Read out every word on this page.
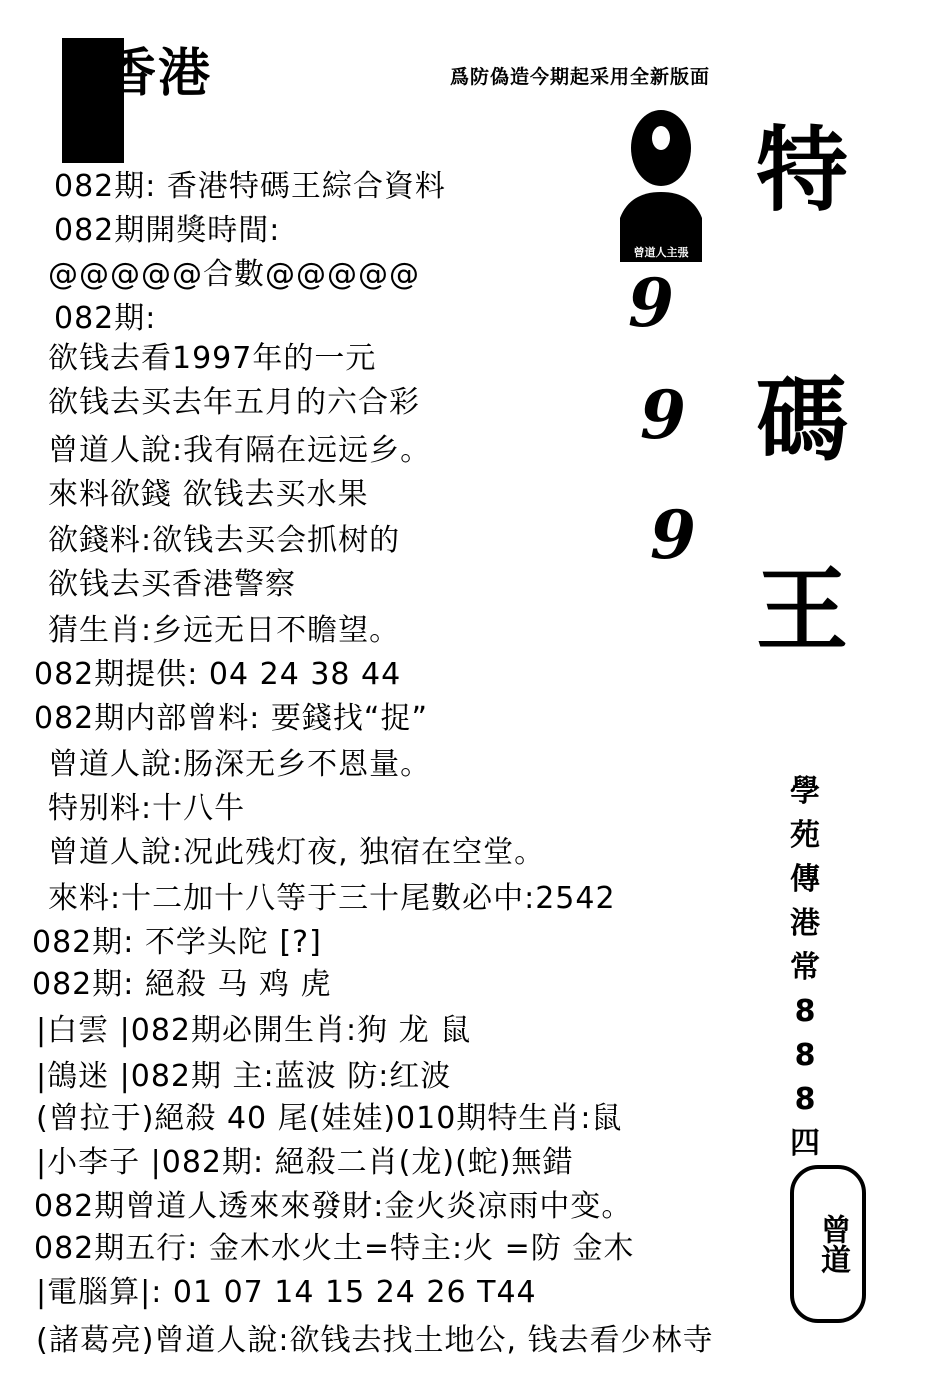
香港	爲防偽造今期起采用全新版面
曾道人主張
9
9
9
特
碼
王
學
苑
傳
港
常
8
8
8
四
曾道
082期: 香港特碼王綜合資料
082期開獎時間:
@@@@@合數@@@@@
082期:
欲钱去看1997年的一元
欲钱去买去年五月的六合彩
曾道人說:我有隔在远远乡。
來料欲錢 欲钱去买水果
欲錢料:欲钱去买会抓树的
欲钱去买香港警察
猜生肖:乡远无日不瞻望。
082期提供: 04 24 38 44
082期内部曾料: 要錢找“捉”
曾道人說:肠深无乡不恩量。
特别料:十八牛
曾道人說:况此残灯夜, 独宿在空堂。
來料:十二加十八等于三十尾數必中:2542
082期: 不学头陀 [?]
082期: 絕殺 马 鸡 虎
|白雲 |082期必開生肖:狗 龙 鼠
|鴿迷 |082期 主:蓝波 防:红波
(曾拉于)絕殺 40 尾(娃娃)010期特生肖:鼠
|小李子 |082期: 絕殺二肖(龙)(蛇)無錯
082期曾道人透來來發財:金火炎凉雨中变。
082期五行: 金木水火土=特主:火 =防 金木
|電腦算|: 01 07 14 15 24 26 T44
(諸葛亮)曾道人說:欲钱去找土地公, 钱去看少林寺
